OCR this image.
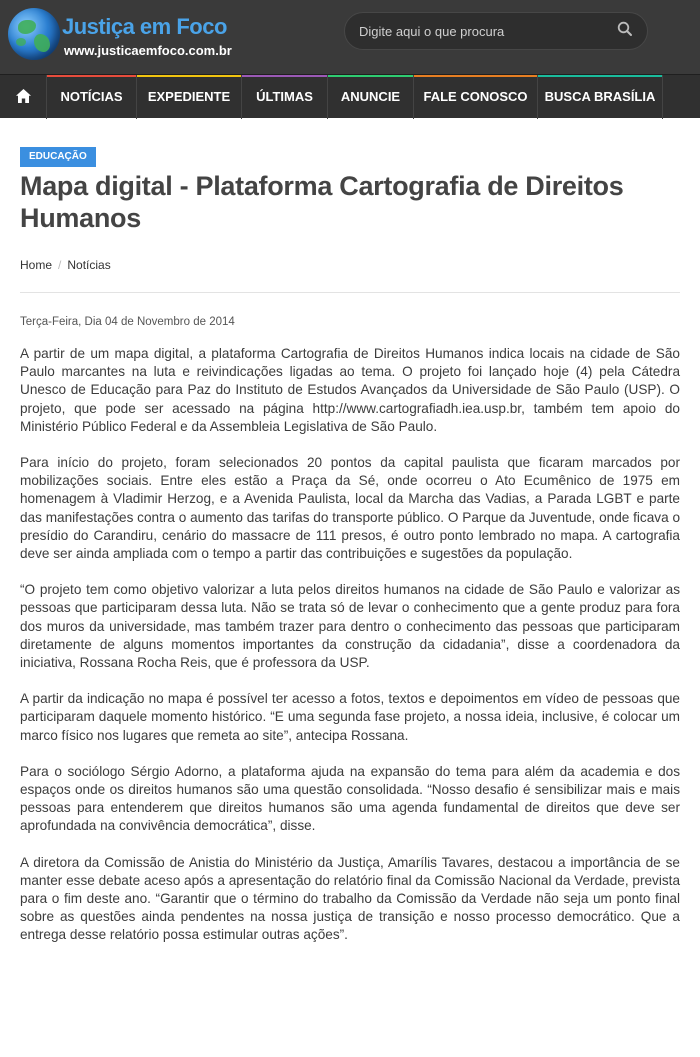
Justiça em Foco
www.justicaemfoco.com.br
Digite aqui o que procura
NOTÍCIAS	EXPEDIENTE	ÚLTIMAS	ANUNCIE	FALE CONOSCO	BUSCA BRASÍLIA
EDUCAÇÃO
Mapa digital - Plataforma Cartografia de Direitos Humanos
Home / Notícias
Terça-Feira, Dia 04 de Novembro de 2014

A partir de um mapa digital, a plataforma Cartografia de Direitos Humanos indica locais na cidade de São Paulo marcantes na luta e reivindicações ligadas ao tema. O projeto foi lançado hoje (4) pela Cátedra Unesco de Educação para Paz do Instituto de Estudos Avançados da Universidade de São Paulo (USP). O projeto, que pode ser acessado na página http://www.cartografiadh.iea.usp.br, também tem apoio do Ministério Público Federal e da Assembleia Legislativa de São Paulo.

Para início do projeto, foram selecionados 20 pontos da capital paulista que ficaram marcados por mobilizações sociais. Entre eles estão a Praça da Sé, onde ocorreu o Ato Ecumênico de 1975 em homenagem à Vladimir Herzog, e a Avenida Paulista, local da Marcha das Vadias, a Parada LGBT e parte das manifestações contra o aumento das tarifas do transporte público. O Parque da Juventude, onde ficava o presídio do Carandiru, cenário do massacre de 111 presos, é outro ponto lembrado no mapa. A cartografia deve ser ainda ampliada com o tempo a partir das contribuições e sugestões da população.

“O projeto tem como objetivo valorizar a luta pelos direitos humanos na cidade de São Paulo e valorizar as pessoas que participaram dessa luta. Não se trata só de levar o conhecimento que a gente produz para fora dos muros da universidade, mas também trazer para dentro o conhecimento das pessoas que participaram diretamente de alguns momentos importantes da construção da cidadania”, disse a coordenadora da iniciativa, Rossana Rocha Reis, que é professora da USP.

A partir da indicação no mapa é possível ter acesso a fotos, textos e depoimentos em vídeo de pessoas que participaram daquele momento histórico. “E uma segunda fase projeto, a nossa ideia, inclusive, é colocar um marco físico nos lugares que remeta ao site”, antecipa Rossana.

Para o sociólogo Sérgio Adorno, a plataforma ajuda na expansão do tema para além da academia e dos espaços onde os direitos humanos são uma questão consolidada. “Nosso desafio é sensibilizar mais e mais pessoas para entenderem que direitos humanos são uma agenda fundamental de direitos que deve ser aprofundada na convivência democrática”, disse.

A diretora da Comissão de Anistia do Ministério da Justiça, Amarílis Tavares, destacou a importância de se manter esse debate aceso após a apresentação do relatório final da Comissão Nacional da Verdade, prevista para o fim deste ano. “Garantir que o término do trabalho da Comissão da Verdade não seja um ponto final sobre as questões ainda pendentes na nossa justiça de transição e nosso processo democrático. Que a entrega desse relatório possa estimular outras ações”.
